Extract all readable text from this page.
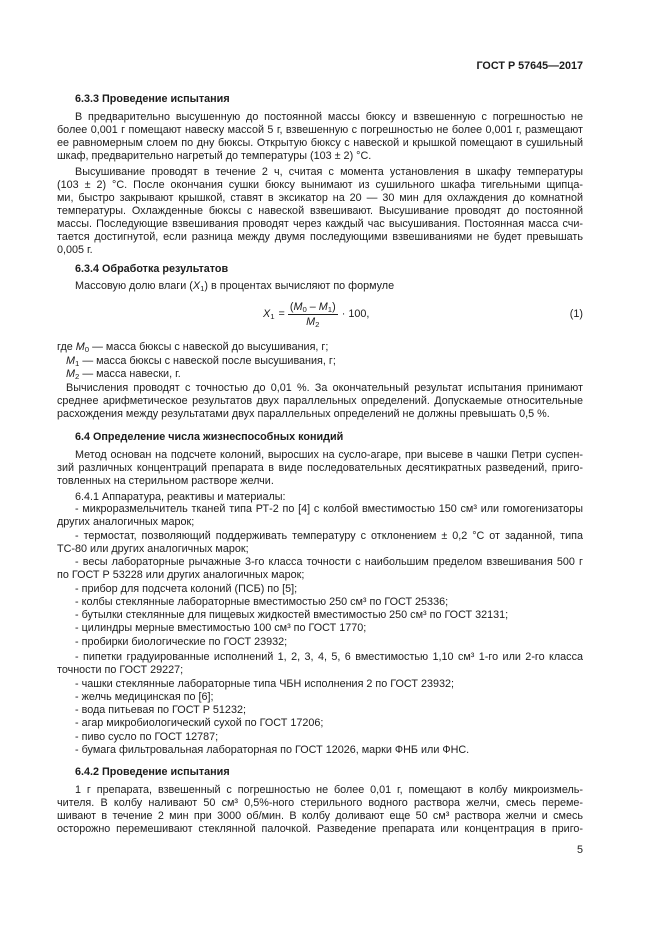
ГОСТ Р 57645—2017
6.3.3 Проведение испытания
В предварительно высушенную до постоянной массы бюксу и взвешенную с погрешностью не
более 0,001 г помещают навеску массой 5 г, взвешенную с погрешностью не более 0,001 г, размещают
ее равномерным слоем по дну бюксы. Открытую бюксу с навеской и крышкой помещают в сушильный
шкаф, предварительно нагретый до температуры (103 ± 2) °С.
Высушивание проводят в течение 2 ч, считая с момента установления в шкафу температуры
(103 ± 2) °С. После окончания сушки бюксу вынимают из сушильного шкафа тигельными щипца-
ми, быстро закрывают крышкой, ставят в эксикатор на 20 — 30 мин для охлаждения до комнатной
температуры. Охлажденные бюксы с навеской взвешивают. Высушивание проводят до постоянной
массы. Последующие взвешивания проводят через каждый час высушивания. Постоянная масса счи-
тается достигнутой, если разница между двумя последующими взвешиваниями не будет превышать
0,005 г.
6.3.4 Обработка результатов
Массовую долю влаги $(X_1)$ в процентах вычисляют по формуле
$X_1 = \frac{(M_0 - M_1)}{M_2} \cdot 100$,	(1)
где $M_0$ — масса бюксы с навеской до высушивания, г;
$M_1$ — масса бюксы с навеской после высушивания, г;
$M_2$ — масса навески, г.
Вычисления проводят с точностью до 0,01 %. За окончательный результат испытания принимают
среднее арифметическое результатов двух параллельных определений. Допускаемые относительные
расхождения между результатами двух параллельных определений не должны превышать 0,5 %.
6.4 Определение числа жизнеспособных конидий
Метод основан на подсчете колоний, выросших на сусло-агаре, при высеве в чашки Петри суспен-
зий различных концентраций препарата в виде последовательных десятикратных разведений, приго-
товленных на стерильном растворе желчи.
6.4.1 Аппаратура, реактивы и материалы:
- микроразмельчитель тканей типа РТ-2 по [4] с колбой вместимостью 150 см³ или гомогенизаторы
других аналогичных марок;
- термостат, позволяющий поддерживать температуру с отклонением ± 0,2 °С от заданной, типа
ТС-80 или других аналогичных марок;
- весы лабораторные рычажные 3-го класса точности с наибольшим пределом взвешивания 500 г
по ГОСТ Р 53228 или других аналогичных марок;
- прибор для подсчета колоний (ПСБ) по [5];
- колбы стеклянные лабораторные вместимостью 250 см³ по ГОСТ 25336;
- бутылки стеклянные для пищевых жидкостей вместимостью 250 см³ по ГОСТ 32131;
- цилиндры мерные вместимостью 100 см³ по ГОСТ 1770;
- пробирки биологические по ГОСТ 23932;
- пипетки градуированные исполнений 1, 2, 3, 4, 5, 6 вместимостью 1,10 см³ 1-го или 2-го класса
точности по ГОСТ 29227;
- чашки стеклянные лабораторные типа ЧБН исполнения 2 по ГОСТ 23932;
- желчь медицинская по [6];
- вода питьевая по ГОСТ Р 51232;
- агар микробиологический сухой по ГОСТ 17206;
- пиво сусло по ГОСТ 12787;
- бумага фильтровальная лабораторная по ГОСТ 12026, марки ФНБ или ФНС.
6.4.2 Проведение испытания
1 г препарата, взвешенный с погрешностью не более 0,01 г, помещают в колбу микроизмель-
чителя. В колбу наливают 50 см³ 0,5%-ного стерильного водного раствора желчи, смесь переме-
шивают в течение 2 мин при 3000 об/мин. В колбу доливают еще 50 см³ раствора желчи и смесь
осторожно перемешивают стеклянной палочкой. Разведение препарата или концентрация в приго-
5
